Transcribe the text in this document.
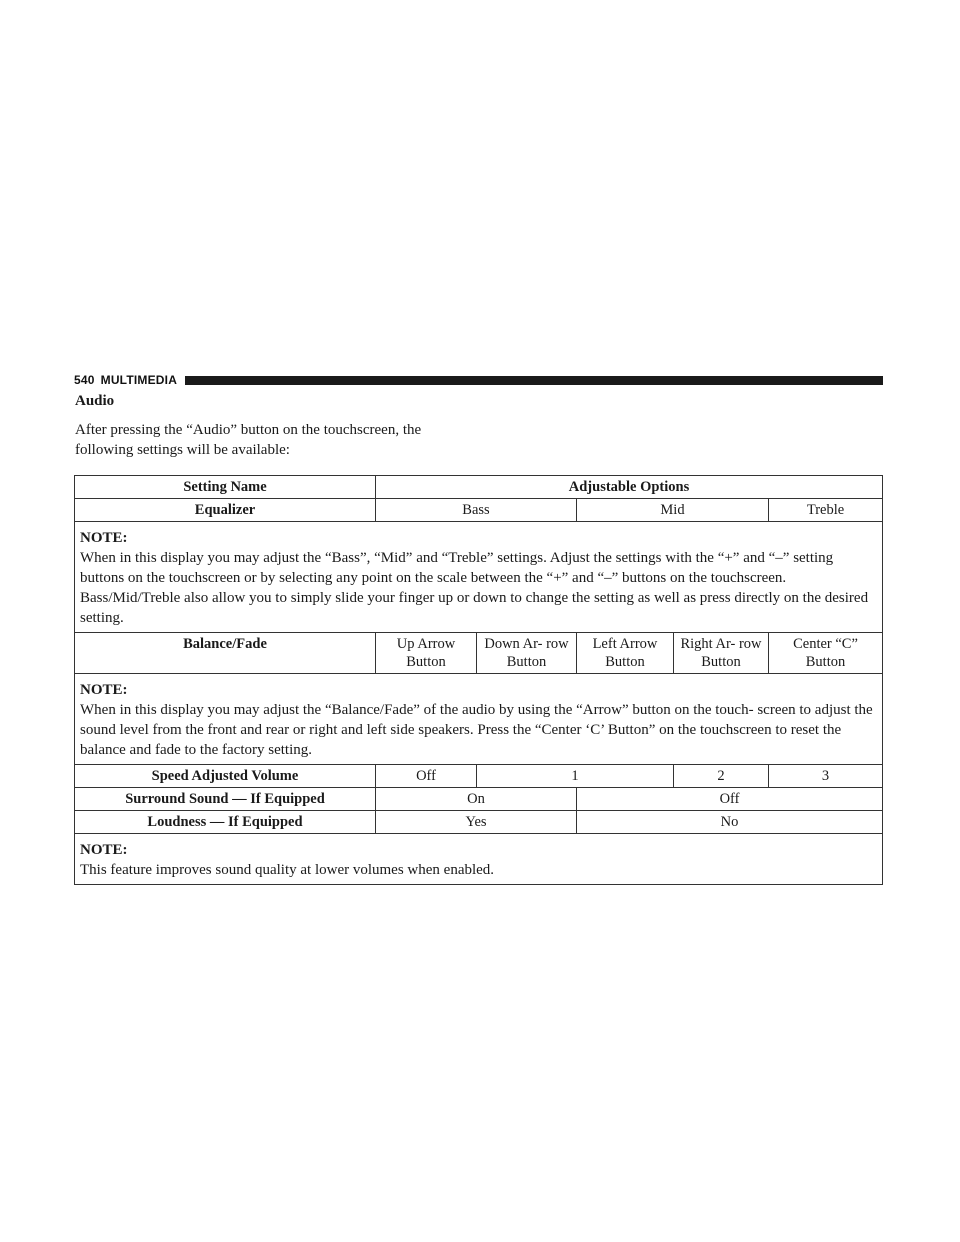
540 MULTIMEDIA
Audio
After pressing the “Audio” button on the touchscreen, the following settings will be available:
Setting Name	Adjustable Options				
Equalizer	Bass		Mid		Treble

NOTE:
When in this display you may adjust the “Bass”, “Mid” and “Treble” settings. Adjust the settings with the “+” and “–” setting buttons on the touchscreen or by selecting any point on the scale between the “+” and “–” buttons on the touchscreen. Bass/Mid/Treble also allow you to simply slide your finger up or down to change the setting as well as press directly on the desired setting.					
Balance/Fade	Up Arrow Button	Down Ar- row Button	Left Arrow Button	Right Ar- row Button	Center “C” Button

NOTE:
When in this display you may adjust the “Balance/Fade” of the audio by using the “Arrow” button on the touch- screen to adjust the sound level from the front and rear or right and left side speakers. Press the “Center ‘C’ Button” on the touchscreen to reset the balance and fade to the factory setting.					
Speed Adjusted Volume	Off	1		2	3
Surround Sound — If Equipped	On		Off		
Loudness — If Equipped	Yes		No		

NOTE:
This feature improves sound quality at lower volumes when enabled.					
